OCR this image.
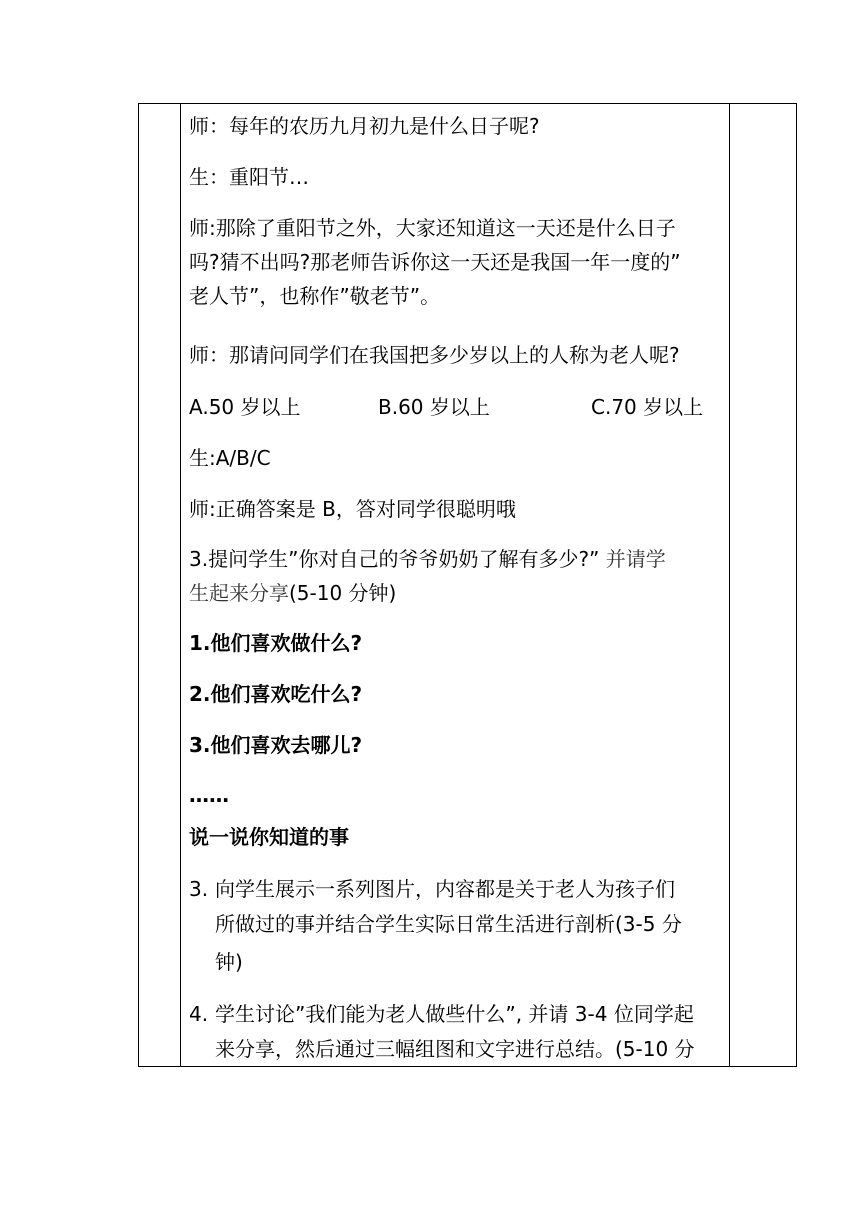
师：每年的农历九月初九是什么日子呢?
生：重阳节…
师:那除了重阳节之外，大家还知道这一天还是什么日子
吗?猜不出吗?那老师告诉你这一天还是我国一年一度的”
老人节”，也称作”敬老节”。
师：那请问同学们在我国把多少岁以上的人称为老人呢?
A.50 岁以上	B.60 岁以上	C.70 岁以上
生:A/B/C
师:正确答案是 B，答对同学很聪明哦
3.提问学生”你对自己的爷爷奶奶了解有多少?” 并请学
生起来分享(5-10 分钟)
1.他们喜欢做什么?
2.他们喜欢吃什么?
3.他们喜欢去哪儿?
……
说一说你知道的事
3. 向学生展示一系列图片，内容都是关于老人为孩子们
所做过的事并结合学生实际日常生活进行剖析(3-5 分
钟)
4. 学生讨论”我们能为老人做些什么”, 并请 3-4 位同学起
来分享，然后通过三幅组图和文字进行总结。(5-10 分
